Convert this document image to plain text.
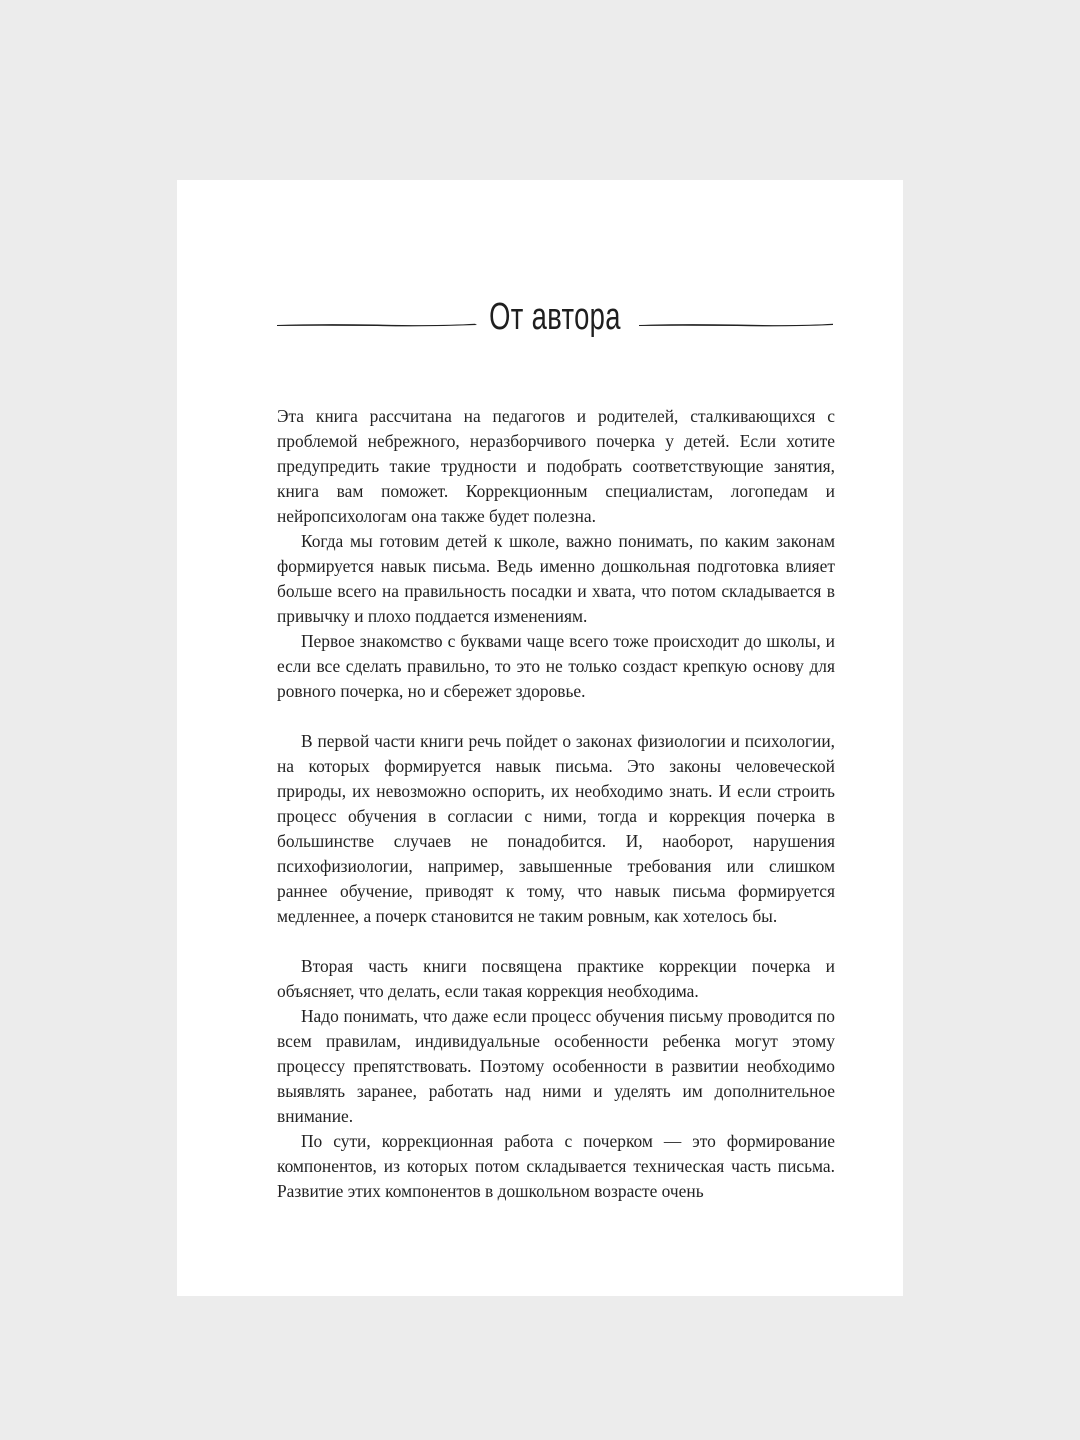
От автора

Эта книга рассчитана на педагогов и родителей, сталкивающихся с проблемой небрежного, неразборчивого почерка у детей. Если хотите предупредить такие трудности и подобрать соответствующие занятия, книга вам поможет. Коррекционным специалистам, логопедам и нейропсихологам она также будет полезна.

Когда мы готовим детей к школе, важно понимать, по каким законам формируется навык письма. Ведь именно дошкольная подготовка влияет больше всего на правильность посадки и хвата, что потом складывается в привычку и плохо поддается изменениям.

Первое знакомство с буквами чаще всего тоже происходит до школы, и если все сделать правильно, то это не только создаст крепкую основу для ровного почерка, но и сбережет здоровье.

В первой части книги речь пойдет о законах физиологии и психологии, на которых формируется навык письма. Это законы человеческой природы, их невозможно оспорить, их необходимо знать. И если строить процесс обучения в согласии с ними, тогда и коррекция почерка в большинстве случаев не понадобится. И, наоборот, нарушения психофизиологии, например, завышенные требования или слишком раннее обучение, приводят к тому, что навык письма формируется медленнее, а почерк становится не таким ровным, как хотелось бы.

Вторая часть книги посвящена практике коррекции почерка и объясняет, что делать, если такая коррекция необходима.

Надо понимать, что даже если процесс обучения письму проводится по всем правилам, индивидуальные особенности ребенка могут этому процессу препятствовать. Поэтому особенности в развитии необходимо выявлять заранее, работать над ними и уделять им дополнительное внимание.

По сути, коррекционная работа с почерком — это формирование компонентов, из которых потом складывается техническая часть письма. Развитие этих компонентов в дошкольном возрасте очень
